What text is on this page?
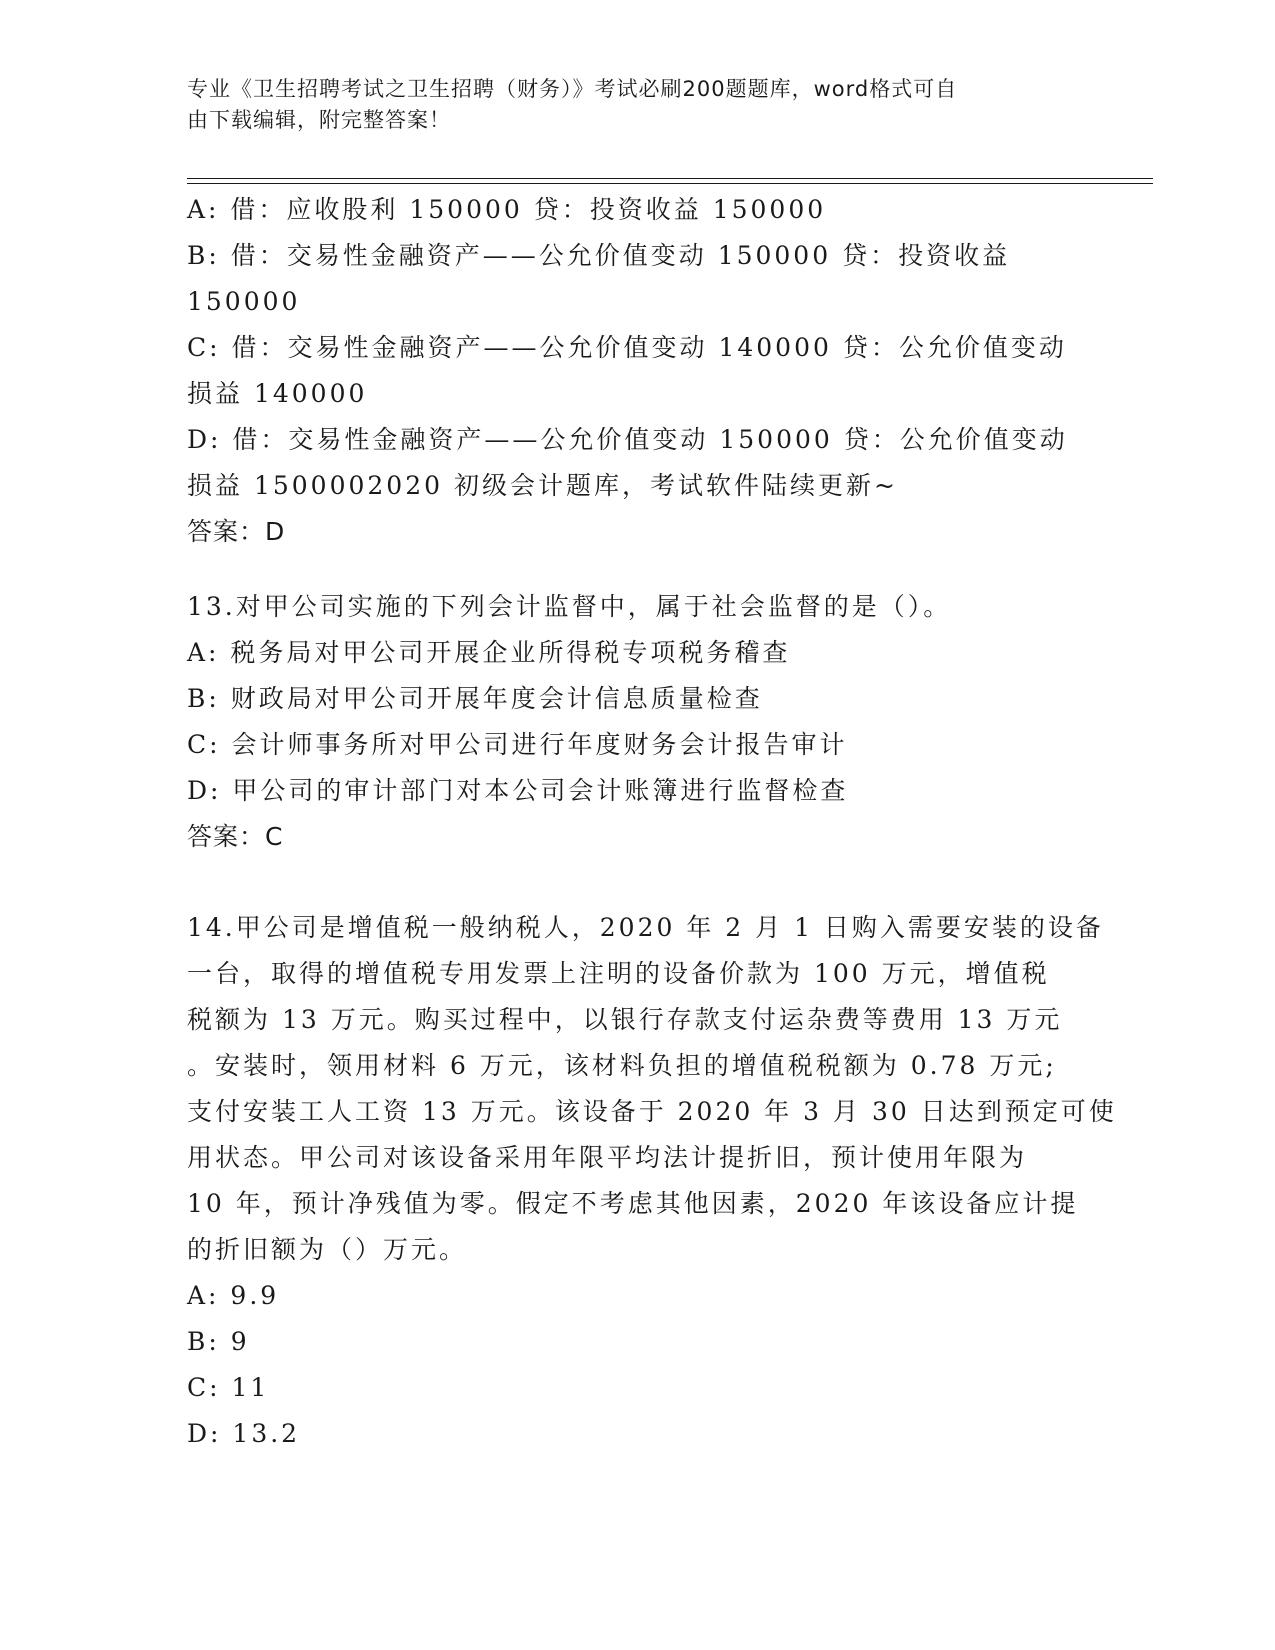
专业《卫生招聘考试之卫生招聘（财务）》考试必刷200题题库，word格式可自
由下载编辑，附完整答案！
A: 借：应收股利 150000 贷：投资收益 150000
B: 借：交易性金融资产——公允价值变动 150000 贷：投资收益
150000
C: 借：交易性金融资产——公允价值变动 140000 贷：公允价值变动
损益 140000
D: 借：交易性金融资产——公允价值变动 150000 贷：公允价值变动
损益 1500002020 初级会计题库，考试软件陆续更新~
答案：D
13.对甲公司实施的下列会计监督中，属于社会监督的是（）。
A: 税务局对甲公司开展企业所得税专项税务稽查
B: 财政局对甲公司开展年度会计信息质量检查
C: 会计师事务所对甲公司进行年度财务会计报告审计
D: 甲公司的审计部门对本公司会计账簿进行监督检查
答案：C
14.甲公司是增值税一般纳税人，2020 年 2 月 1 日购入需要安装的设备
一台，取得的增值税专用发票上注明的设备价款为 100 万元，增值税
税额为 13 万元。购买过程中，以银行存款支付运杂费等费用 13 万元
。安装时，领用材料 6 万元，该材料负担的增值税税额为 0.78 万元;
支付安装工人工资 13 万元。该设备于 2020 年 3 月 30 日达到预定可使
用状态。甲公司对该设备采用年限平均法计提折旧，预计使用年限为
10 年，预计净残值为零。假定不考虑其他因素，2020 年该设备应计提
的折旧额为（）万元。
A: 9.9
B: 9
C: 11
D: 13.2
